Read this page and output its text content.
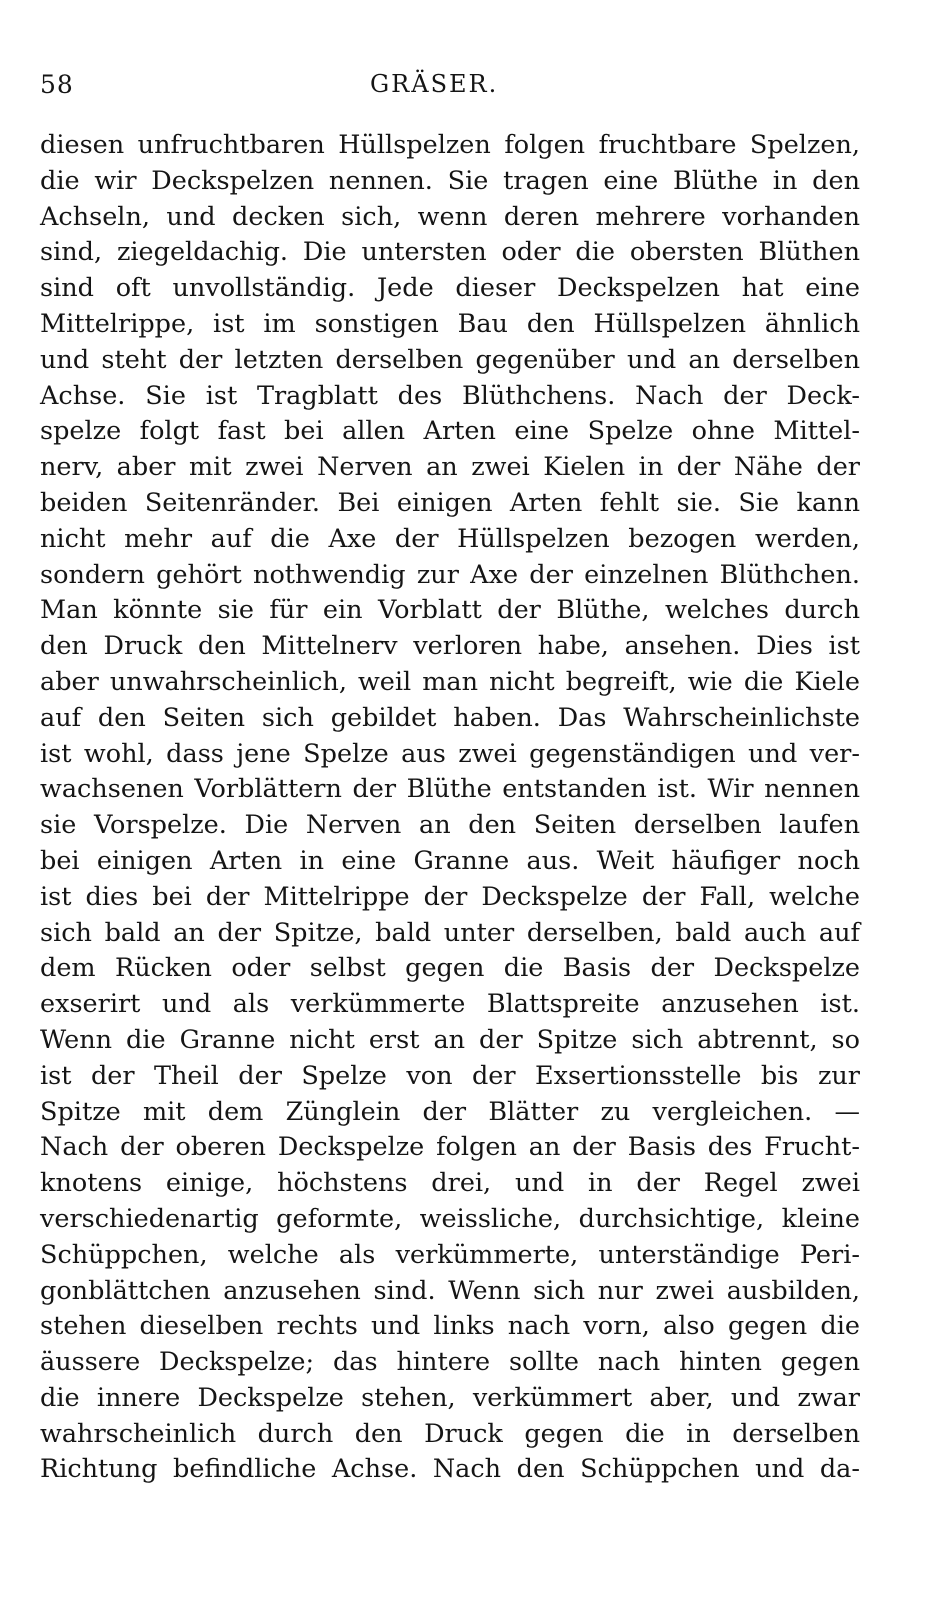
58	GRÄSER.
diesen unfruchtbaren Hüllspelzen folgen fruchtbare Spelzen,
die wir Deckspelzen nennen. Sie tragen eine Blüthe in den
Achseln, und decken sich, wenn deren mehrere vorhanden
sind, ziegeldachig. Die untersten oder die obersten Blüthen
sind oft unvollständig. Jede dieser Deckspelzen hat eine
Mittelrippe, ist im sonstigen Bau den Hüllspelzen ähnlich
und steht der letzten derselben gegenüber und an derselben
Achse. Sie ist Tragblatt des Blüthchens. Nach der Deck-
spelze folgt fast bei allen Arten eine Spelze ohne Mittel-
nerv, aber mit zwei Nerven an zwei Kielen in der Nähe der
beiden Seitenränder. Bei einigen Arten fehlt sie. Sie kann
nicht mehr auf die Axe der Hüllspelzen bezogen werden,
sondern gehört nothwendig zur Axe der einzelnen Blüthchen.
Man könnte sie für ein Vorblatt der Blüthe, welches durch
den Druck den Mittelnerv verloren habe, ansehen. Dies ist
aber unwahrscheinlich, weil man nicht begreift, wie die Kiele
auf den Seiten sich gebildet haben. Das Wahrscheinlichste
ist wohl, dass jene Spelze aus zwei gegenständigen und ver-
wachsenen Vorblättern der Blüthe entstanden ist. Wir nennen
sie Vorspelze. Die Nerven an den Seiten derselben laufen
bei einigen Arten in eine Granne aus. Weit häufiger noch
ist dies bei der Mittelrippe der Deckspelze der Fall, welche
sich bald an der Spitze, bald unter derselben, bald auch auf
dem Rücken oder selbst gegen die Basis der Deckspelze
exserirt und als verkümmerte Blattspreite anzusehen ist.
Wenn die Granne nicht erst an der Spitze sich abtrennt, so
ist der Theil der Spelze von der Exsertionsstelle bis zur
Spitze mit dem Zünglein der Blätter zu vergleichen. —
Nach der oberen Deckspelze folgen an der Basis des Frucht-
knotens einige, höchstens drei, und in der Regel zwei
verschiedenartig geformte, weissliche, durchsichtige, kleine
Schüppchen, welche als verkümmerte, unterständige Peri-
gonblättchen anzusehen sind. Wenn sich nur zwei ausbilden,
stehen dieselben rechts und links nach vorn, also gegen die
äussere Deckspelze; das hintere sollte nach hinten gegen
die innere Deckspelze stehen, verkümmert aber, und zwar
wahrscheinlich durch den Druck gegen die in derselben
Richtung befindliche Achse. Nach den Schüppchen und da-
